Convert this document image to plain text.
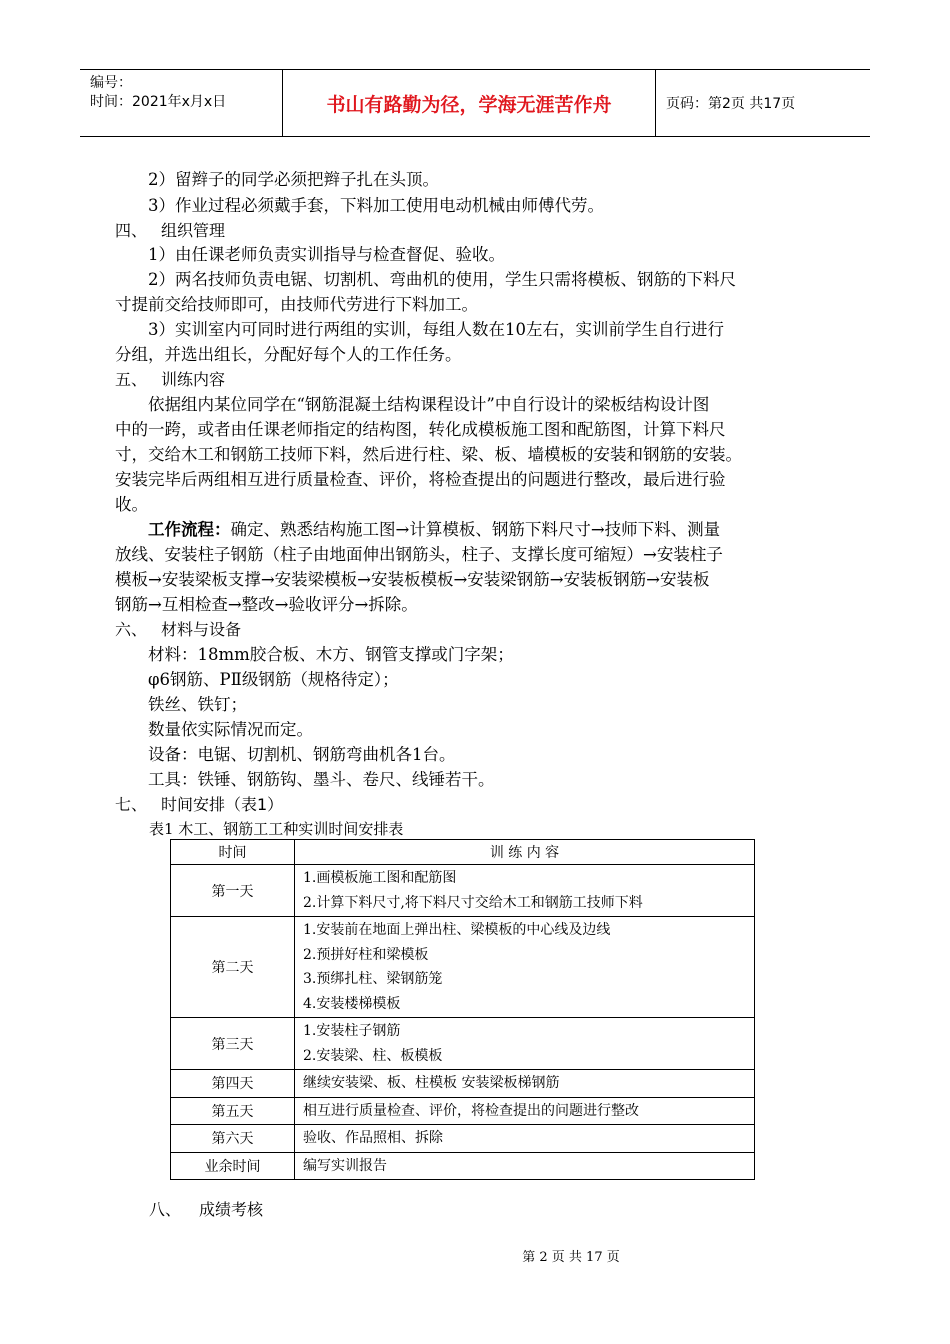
编号：
时间：2021年x月x日	书山有路勤为径，学海无涯苦作舟	页码：第2页 共17页
2）留辫子的同学必须把辫子扎在头顶。
3）作业过程必须戴手套，下料加工使用电动机械由师傅代劳。
四、 组织管理
1）由任课老师负责实训指导与检查督促、验收。
2）两名技师负责电锯、切割机、弯曲机的使用，学生只需将模板、钢筋的下料尺
寸提前交给技师即可，由技师代劳进行下料加工。
3）实训室内可同时进行两组的实训，每组人数在10左右，实训前学生自行进行
分组，并选出组长，分配好每个人的工作任务。
五、 训练内容
依据组内某位同学在“钢筋混凝土结构课程设计”中自行设计的梁板结构设计图
中的一跨，或者由任课老师指定的结构图，转化成模板施工图和配筋图，计算下料尺
寸，交给木工和钢筋工技师下料，然后进行柱、梁、板、墙模板的安装和钢筋的安装。
安装完毕后两组相互进行质量检查、评价，将检查提出的问题进行整改，最后进行验
收。
工作流程：确定、熟悉结构施工图→计算模板、钢筋下料尺寸→技师下料、测量
放线、安装柱子钢筋（柱子由地面伸出钢筋头，柱子、支撑长度可缩短）→安装柱子
模板→安装梁板支撑→安装梁模板→安装板模板→安装梁钢筋→安装板钢筋→安装板
钢筋→互相检查→整改→验收评分→拆除。
六、 材料与设备
材料：18mm胶合板、木方、钢管支撑或门字架；
φ6钢筋、PⅡ级钢筋（规格待定）；
铁丝、铁钉；
数量依实际情况而定。
设备：电锯、切割机、钢筋弯曲机各1台。
工具：铁锤、钢筋钩、墨斗、卷尺、线锤若干。
七、 时间安排（表1）
表1 木工、钢筋工工种实训时间安排表
时间	训 练 内 容
第一天	1.画模板施工图和配筋图
2.计算下料尺寸,将下料尺寸交给木工和钢筋工技师下料

第二天	1.安装前在地面上弹出柱、梁模板的中心线及边线
2.预拼好柱和梁模板
3.预绑扎柱、梁钢筋笼
4.安装楼梯模板

第三天	1.安装柱子钢筋
2.安装梁、柱、板模板

第四天	继续安装梁、板、柱模板 安装梁板梯钢筋

第五天	相互进行质量检查、评价，将检查提出的问题进行整改

第六天	验收、作品照相、拆除

业余时间	编写实训报告
八、 成绩考核
第 2 页 共 17 页
